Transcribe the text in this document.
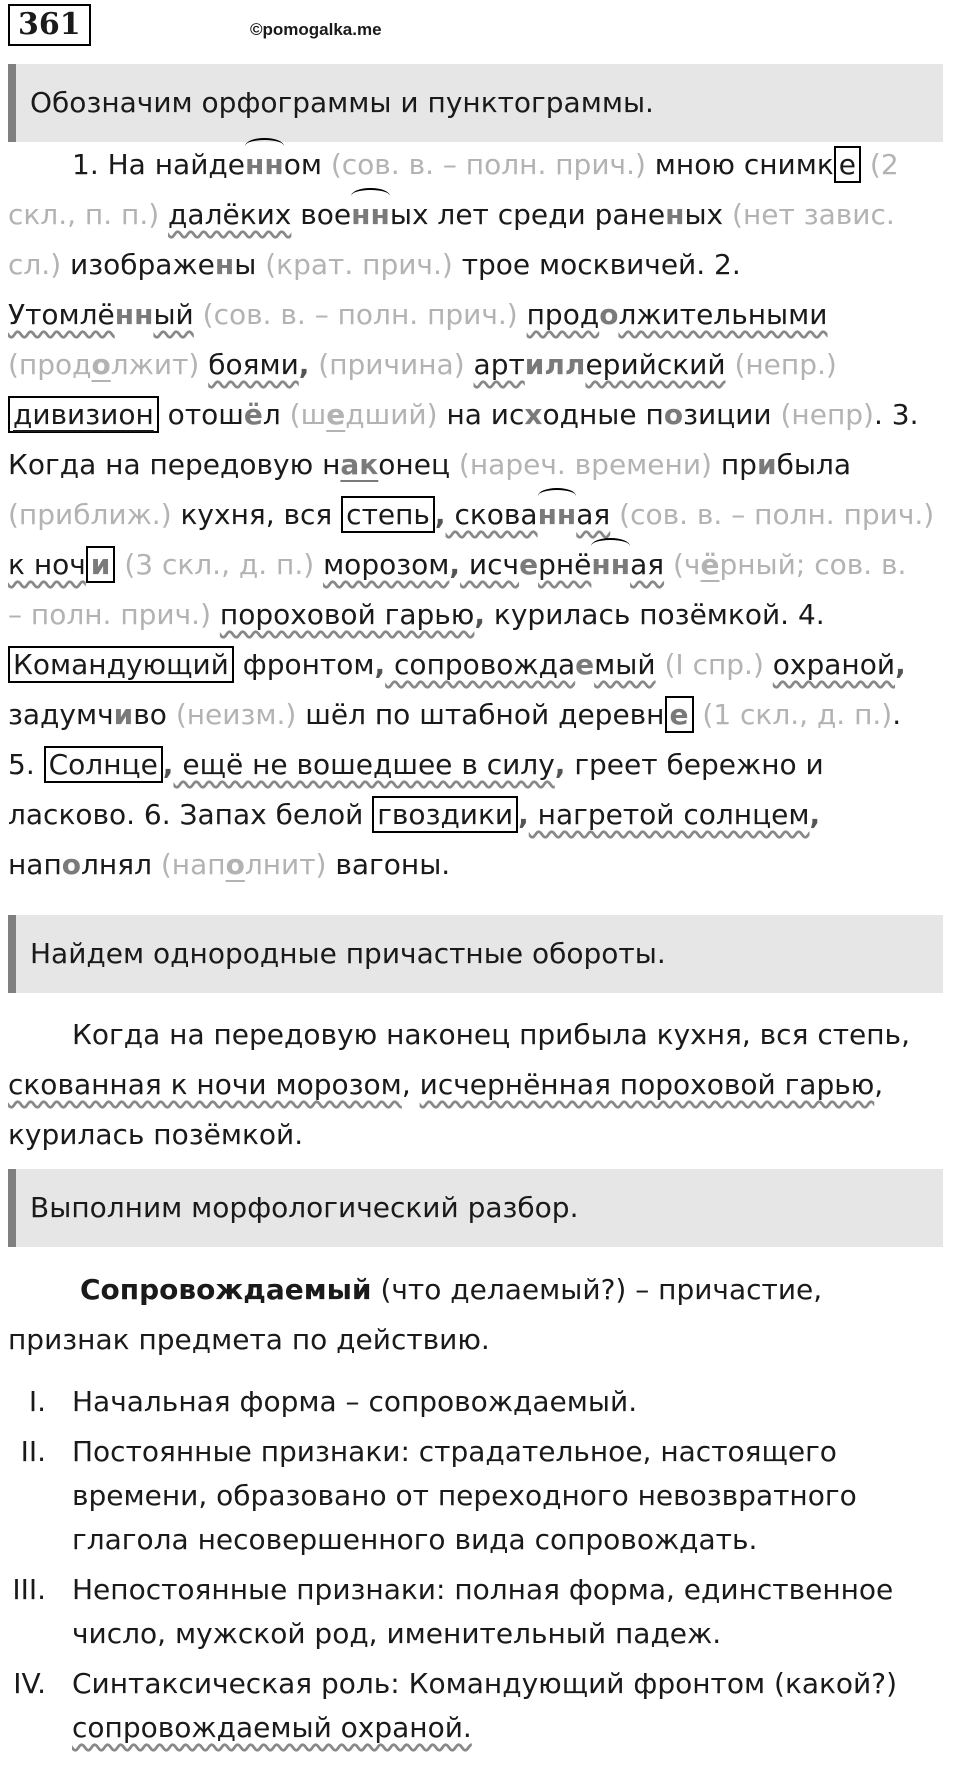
361	©pomogalka.me
Обозначим орфограммы и пунктограммы.
1. На найденном (сов. в. – полн. прич.) мною снимк е (2
скл., п. п.) далёких военных лет среди раненых (нет завис.
сл.) изображены (крат. прич.) трое москвичей. 2.
Утомлённый (сов. в. – полн. прич.) продолжительными
(продолжит) боями, (причина) артиллерийский (непр.)
дивизион отошёл (шедший) на исходные позиции (непр). 3.
Когда на передовую наконец (нареч. времени) прибыла
(приближ.) кухня, вся степь , скованная (сов. в. – полн. прич.)
к ноч и (3 скл., д. п.) морозом, исчернённая (чёрный; сов. в.
– полн. прич.) пороховой гарью, курилась позёмкой. 4.
Командующий фронтом, сопровождаемый (I спр.) охраной,
задумчиво (неизм.) шёл по штабной деревн е (1 скл., д. п.).
5. Солнце , ещё не вошедшее в силу, греет бережно и
ласково. 6. Запах белой гвоздики , нагретой солнцем,
наполнял (наполнит) вагоны.
Найдем однородные причастные обороты.
Когда на передовую наконец прибыла кухня, вся степь,
скованная к ночи морозом, исчернённая пороховой гарью,
курилась позёмкой.
Выполним морфологический разбор.
Сопровождаемый (что делаемый?) – причастие,
признак предмета по действию.
I. Начальная форма – сопровождаемый.
II. Постоянные признаки: страдательное, настоящего
времени, образовано от переходного невозвратного
глагола несовершенного вида сопровождать.
III. Непостоянные признаки: полная форма, единственное
число, мужской род, именительный падеж.
IV. Синтаксическая роль: Командующий фронтом (какой?)
сопровождаемый охраной.
